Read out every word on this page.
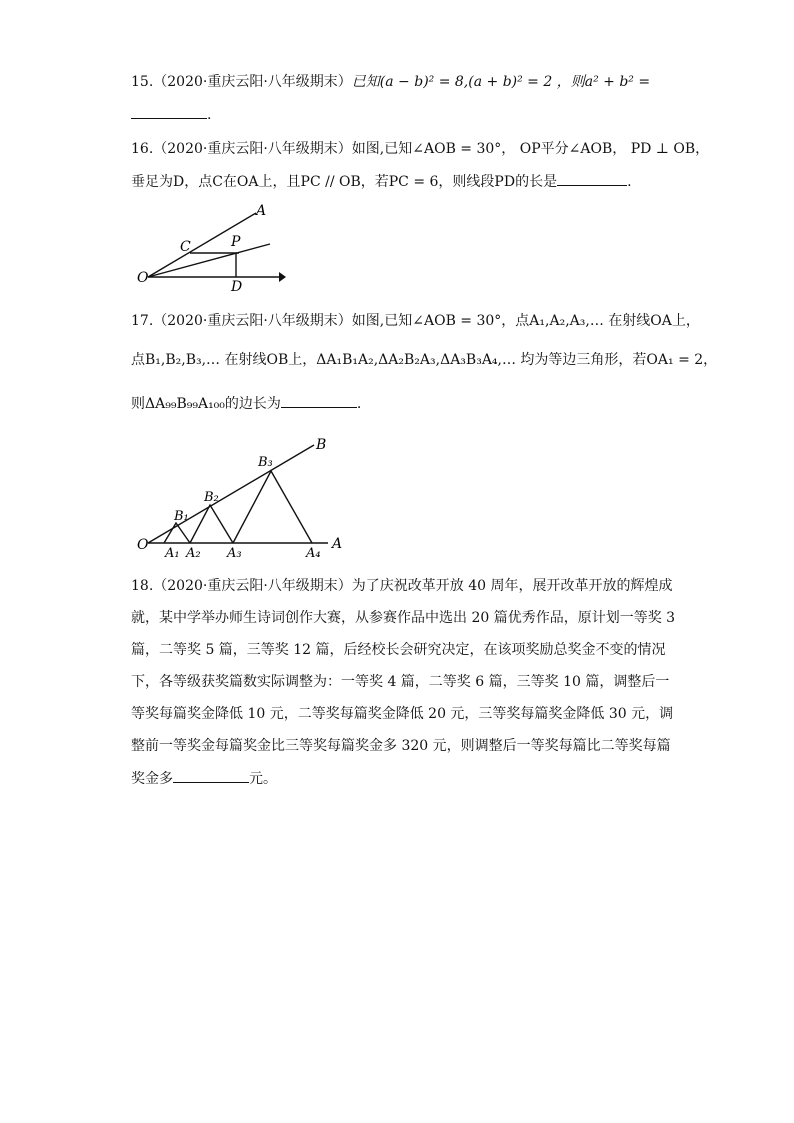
15.（2020·重庆云阳·八年级期末）已知(a − b)² = 8,(a + b)² = 2 ，则a² + b² =
.
16.（2020·重庆云阳·八年级期末）如图,已知∠AOB = 30°， OP平分∠AOB， PD ⊥ OB，
垂足为D，点C在OA上，且PC // OB，若PC = 6，则线段PD的长是	.
A
C	P
O
D
17.（2020·重庆云阳·八年级期末）如图,已知∠AOB = 30°，点A₁,A₂,A₃,… 在射线OA上，
点B₁,B₂,B₃,… 在射线OB上，ΔA₁B₁A₂,ΔA₂B₂A₃,ΔA₃B₃A₄,… 均为等边三角形，若OA₁ = 2，
则ΔA₉₉B₉₉A₁₀₀的边长为	.
B
B₃
B₂
B₁
O
A₁ A₂ A₃	A₄
A
18.（2020·重庆云阳·八年级期末）为了庆祝改革开放 40 周年，展开改革开放的辉煌成
就，某中学举办师生诗词创作大赛，从参赛作品中选出 20 篇优秀作品，原计划一等奖 3
篇，二等奖 5 篇，三等奖 12 篇，后经校长会研究决定，在该项奖励总奖金不变的情况
下，各等级获奖篇数实际调整为：一等奖 4 篇，二等奖 6 篇，三等奖 10 篇，调整后一
等奖每篇奖金降低 10 元，二等奖每篇奖金降低 20 元，三等奖每篇奖金降低 30 元，调
整前一等奖金每篇奖金比三等奖每篇奖金多 320 元，则调整后一等奖每篇比二等奖每篇
奖金多	元。
